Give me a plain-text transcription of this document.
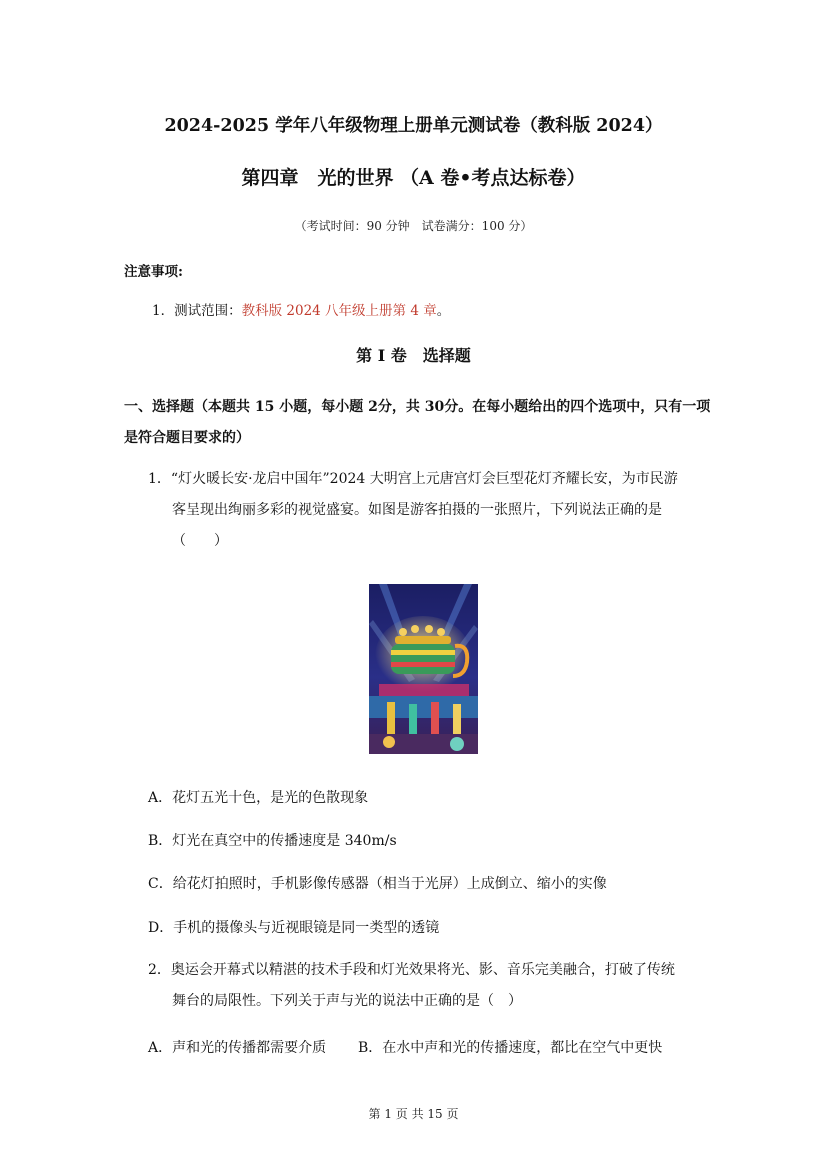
2024-2025 学年八年级物理上册单元测试卷（教科版 2024）
第四章　光的世界 （A 卷•考点达标卷）
（考试时间：90 分钟　试卷满分：100 分）
注意事项:
1．测试范围：教科版 2024 八年级上册第 4 章。
第 I 卷　选择题
一、选择题（本题共 15 小题，每小题 2分，共 30分。在每小题给出的四个选项中，只有一项是符合题目要求的）
1．“灯火暖长安·龙启中国年”2024 大明宫上元唐宫灯会巨型花灯齐耀长安，为市民游
客呈现出绚丽多彩的视觉盛宴。如图是游客拍摄的一张照片，下列说法正确的是
（　　）
A．花灯五光十色，是光的色散现象
B．灯光在真空中的传播速度是 340m/s
C．给花灯拍照时，手机影像传感器（相当于光屏）上成倒立、缩小的实像
D．手机的摄像头与近视眼镜是同一类型的透镜
2．奥运会开幕式以精湛的技术手段和灯光效果将光、影、音乐完美融合，打破了传统
舞台的局限性。下列关于声与光的说法中正确的是（　）
A．声和光的传播都需要介质 B．在水中声和光的传播速度，都比在空气中更快
第 1 页 共 15 页
